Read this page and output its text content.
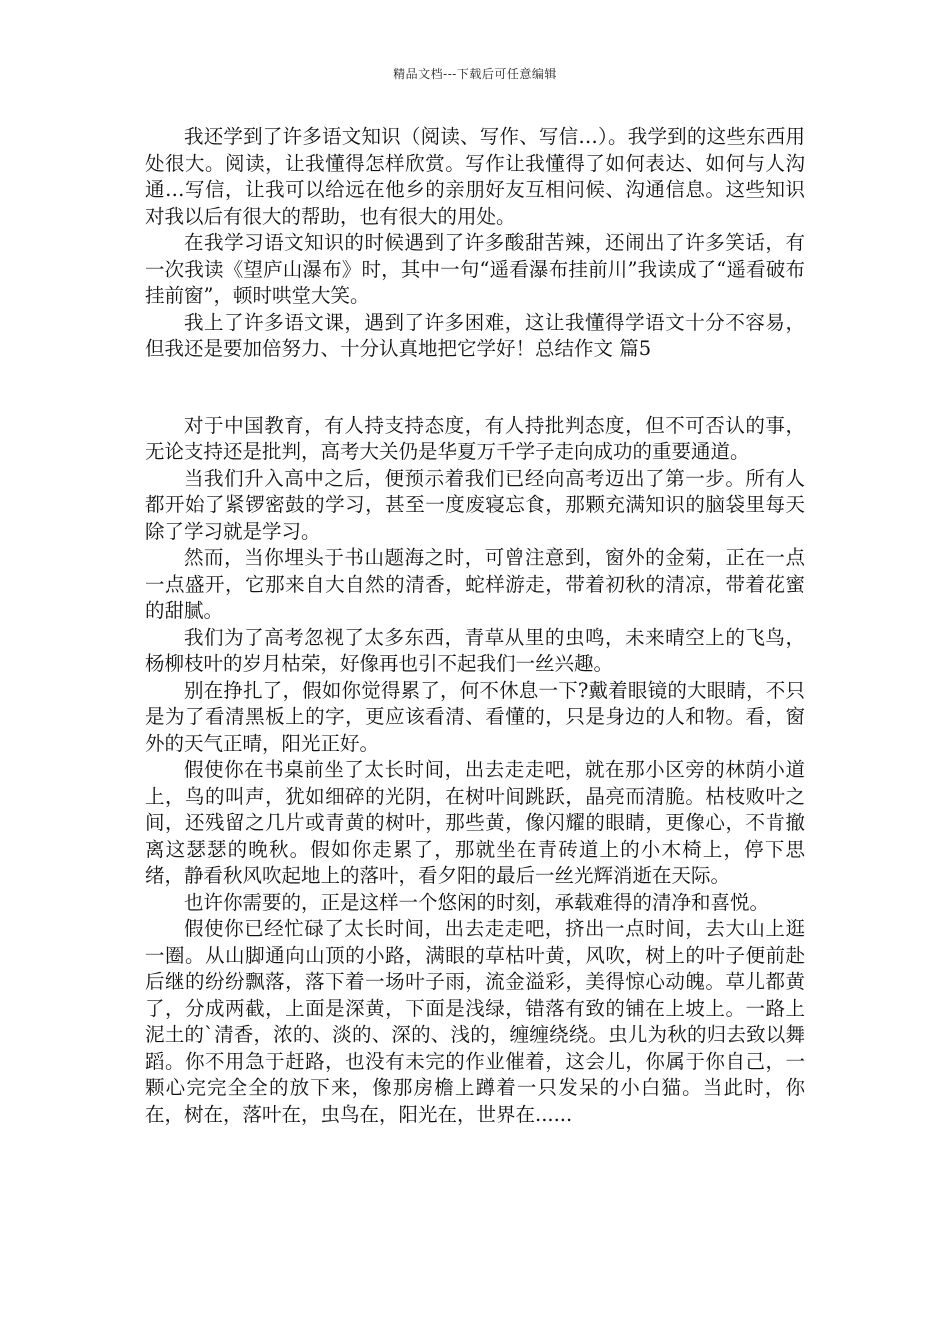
精品文档---下载后可任意编辑

我还学到了许多语文知识（阅读、写作、写信…）。我学到的这些东西用处很大。阅读，让我懂得怎样欣赏。写作让我懂得了如何表达、如何与人沟通…写信，让我可以给远在他乡的亲朋好友互相问候、沟通信息。这些知识对我以后有很大的帮助，也有很大的用处。

在我学习语文知识的时候遇到了许多酸甜苦辣，还闹出了许多笑话，有一次我读《望庐山瀑布》时，其中一句“遥看瀑布挂前川”我读成了“遥看破布挂前窗”，顿时哄堂大笑。

我上了许多语文课，遇到了许多困难，这让我懂得学语文十分不容易，但我还是要加倍努力、十分认真地把它学好！总结作文 篇5

对于中国教育，有人持支持态度，有人持批判态度，但不可否认的事，无论支持还是批判，高考大关仍是华夏万千学子走向成功的重要通道。

当我们升入高中之后，便预示着我们已经向高考迈出了第一步。所有人都开始了紧锣密鼓的学习，甚至一度废寝忘食，那颗充满知识的脑袋里每天除了学习就是学习。

然而，当你埋头于书山题海之时，可曾注意到，窗外的金菊，正在一点一点盛开，它那来自大自然的清香，蛇样游走，带着初秋的清凉，带着花蜜的甜腻。

我们为了高考忽视了太多东西，青草从里的虫鸣，未来晴空上的飞鸟，杨柳枝叶的岁月枯荣，好像再也引不起我们一丝兴趣。

别在挣扎了，假如你觉得累了，何不休息一下?戴着眼镜的大眼睛，不只是为了看清黑板上的字，更应该看清、看懂的，只是身边的人和物。看，窗外的天气正晴，阳光正好。

假使你在书桌前坐了太长时间，出去走走吧，就在那小区旁的林荫小道上，鸟的叫声，犹如细碎的光阴，在树叶间跳跃，晶亮而清脆。枯枝败叶之间，还残留之几片或青黄的树叶，那些黄，像闪耀的眼睛，更像心，不肯撤离这瑟瑟的晚秋。假如你走累了，那就坐在青砖道上的小木椅上，停下思绪，静看秋风吹起地上的落叶，看夕阳的最后一丝光辉消逝在天际。

也许你需要的，正是这样一个悠闲的时刻，承载难得的清净和喜悦。

假使你已经忙碌了太长时间，出去走走吧，挤出一点时间，去大山上逛一圈。从山脚通向山顶的小路，满眼的草枯叶黄，风吹，树上的叶子便前赴后继的纷纷飘落，落下着一场叶子雨，流金溢彩，美得惊心动魄。草儿都黄了，分成两截，上面是深黄，下面是浅绿，错落有致的铺在上坡上。一路上泥土的`清香，浓的、淡的、深的、浅的，缠缠绕绕。虫儿为秋的归去致以舞蹈。你不用急于赶路，也没有未完的作业催着，这会儿，你属于你自己，一颗心完完全全的放下来，像那房檐上蹲着一只发呆的小白猫。当此时，你在，树在，落叶在，虫鸟在，阳光在，世界在......
